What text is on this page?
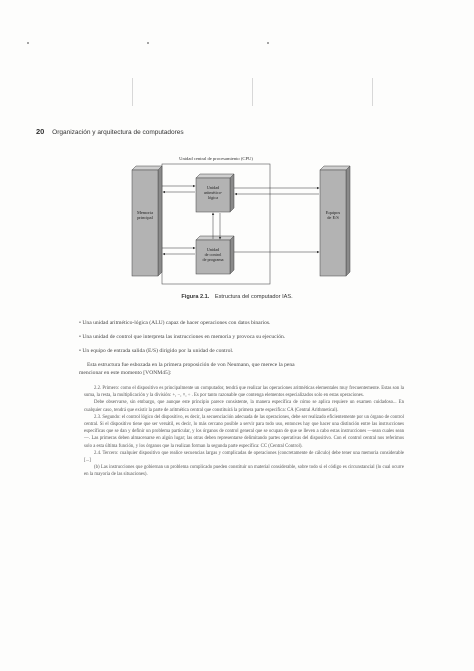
20 Organización y arquitectura de computadores
Unidad central de procesamiento (CPU)
Memoria
principal
Equipos
de E/S
Unidad
aritmético-
lógica
Unidad
de control
de programa
Figura 2.1. Estructura del computador IAS.
• Una unidad aritmético-lógica (ALU) capaz de hacer operaciones con datos binarios.
• Una unidad de control que interpreta las instrucciones en memoria y provoca su ejecución.
• Un equipo de entrada salida (E/S) dirigido por la unidad de control.
Esta estructura fue esbozada en la primera proposición de von Neumann, que merece la pena
mencionar en este momento [VONM45]:

2.2. Primero: como el dispositivo es principalmente un computador, tendrá que realizar las operaciones aritméticas elementales muy frecuentemente. Estas son la suma, la resta, la multiplicación y la división: +, −, ×, ÷ . Es por tanto razonable que contenga elementos especializados solo en estas operaciones.

Debe observarse, sin embargo, que aunque este principio parece consistente, la manera específica de cómo se aplica requiere un examen cuidadoso... En cualquier caso, tendrá que existir la parte de aritmética central que constituirá la primera parte específica: CA (Central Arithmetical).

2.3. Segundo: el control lógico del dispositivo, es decir, la secuenciación adecuada de las operaciones, debe ser realizado eficientemente por un órgano de control central. Si el dispositivo tiene que ser versátil, es decir, lo más cercano posible a servir para todo uso, entonces hay que hacer una distinción entre las instrucciones específicas que se dan y definir un problema particular, y los órganos de control general que se ocupan de que se lleven a cabo estas instrucciones —sean cuales sean—. Las primeras deben almacenarse en algún lugar; las otras deben representarse delimitando partes operativas del dispositivo. Con el control central nos referimos solo a esta última función, y los órganos que la realizan forman la segunda parte específica: CC (Central Control).

2.4. Tercero: cualquier dispositivo que realice secuencias largas y complicadas de operaciones (concretamente de cálculo) debe tener una memoria considerable [...]

(b) Las instrucciones que gobiernan un problema complicado pueden constituir un material considerable, sobre todo si el código es circunstancial (lo cual ocurre en la mayoría de las situaciones).
